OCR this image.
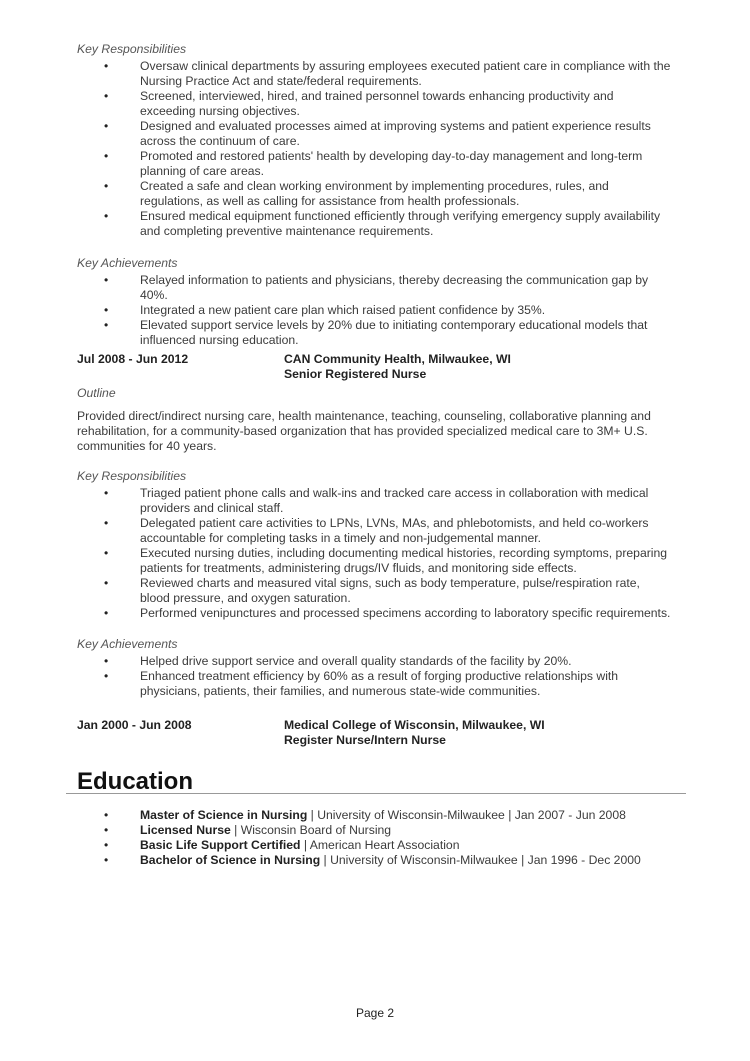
Key Responsibilities
•	Oversaw clinical departments by assuring employees executed patient care in compliance with the Nursing Practice Act and state/federal requirements.
•	Screened, interviewed, hired, and trained personnel towards enhancing productivity and exceeding nursing objectives.
•	Designed and evaluated processes aimed at improving systems and patient experience results across the continuum of care.
•	Promoted and restored patients' health by developing day-to-day management and long-term planning of care areas.
•	Created a safe and clean working environment by implementing procedures, rules, and regulations, as well as calling for assistance from health professionals.
•	Ensured medical equipment functioned efficiently through verifying emergency supply availability and completing preventive maintenance requirements.
Key Achievements
•	Relayed information to patients and physicians, thereby decreasing the communication gap by 40%.
•	Integrated a new patient care plan which raised patient confidence by 35%.
•	Elevated support service levels by 20% due to initiating contemporary educational models that influenced nursing education.
Jul 2008 - Jun 2012	CAN Community Health, Milwaukee, WI
Senior Registered Nurse
Outline
Provided direct/indirect nursing care, health maintenance, teaching, counseling, collaborative planning and rehabilitation, for a community-based organization that has provided specialized medical care to 3M+ U.S. communities for 40 years.
Key Responsibilities
•	Triaged patient phone calls and walk-ins and tracked care access in collaboration with medical providers and clinical staff.
•	Delegated patient care activities to LPNs, LVNs, MAs, and phlebotomists, and held co-workers accountable for completing tasks in a timely and non-judgemental manner.
•	Executed nursing duties, including documenting medical histories, recording symptoms, preparing patients for treatments, administering drugs/IV fluids, and monitoring side effects.
•	Reviewed charts and measured vital signs, such as body temperature, pulse/respiration rate, blood pressure, and oxygen saturation.
•	Performed venipunctures and processed specimens according to laboratory specific requirements.
Key Achievements
•	Helped drive support service and overall quality standards of the facility by 20%.
•	Enhanced treatment efficiency by 60% as a result of forging productive relationships with physicians, patients, their families, and numerous state-wide communities.
Jan 2000 - Jun 2008	Medical College of Wisconsin, Milwaukee, WI
Register Nurse/Intern Nurse
Education
•	Master of Science in Nursing | University of Wisconsin-Milwaukee | Jan 2007 - Jun 2008
•	Licensed Nurse | Wisconsin Board of Nursing
•	Basic Life Support Certified | American Heart Association
•	Bachelor of Science in Nursing | University of Wisconsin-Milwaukee | Jan 1996 - Dec 2000
Page 2
